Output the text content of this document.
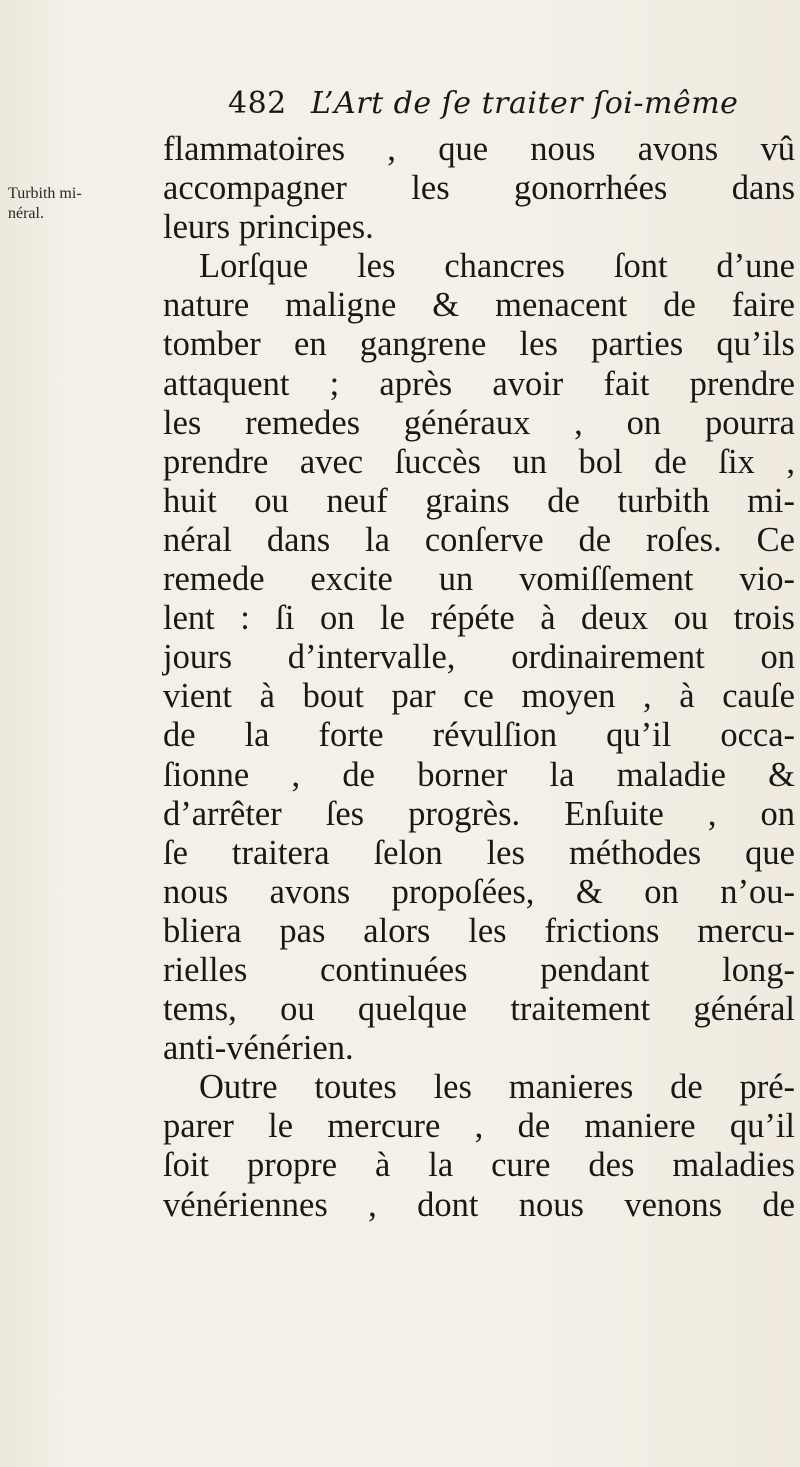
482 L’Art de ſe traiter ſoi-même
Turbith mi-
néral.
flammatoires , que nous avons vû
accompagner les gonorrhées dans
leurs principes.
Lorſque les chancres ſont d’une
nature maligne & menacent de faire
tomber en gangrene les parties qu’ils
attaquent ; après avoir fait prendre
les remedes généraux , on pourra
prendre avec ſuccès un bol de ſix ,
huit ou neuf grains de turbith mi-
néral dans la conſerve de roſes. Ce
remede excite un vomiſſement vio-
lent : ſi on le répéte à deux ou trois
jours d’intervalle, ordinairement on
vient à bout par ce moyen , à cauſe
de la forte révulſion qu’il occa-
ſionne , de borner la maladie &
d’arrêter ſes progrès. Enſuite , on
ſe traitera ſelon les méthodes que
nous avons propoſées, & on n’ou-
bliera pas alors les frictions mercu-
rielles continuées pendant long-
tems, ou quelque traitement général
anti-vénérien.
Outre toutes les manieres de pré-
parer le mercure , de maniere qu’il
ſoit propre à la cure des maladies
vénériennes , dont nous venons de
